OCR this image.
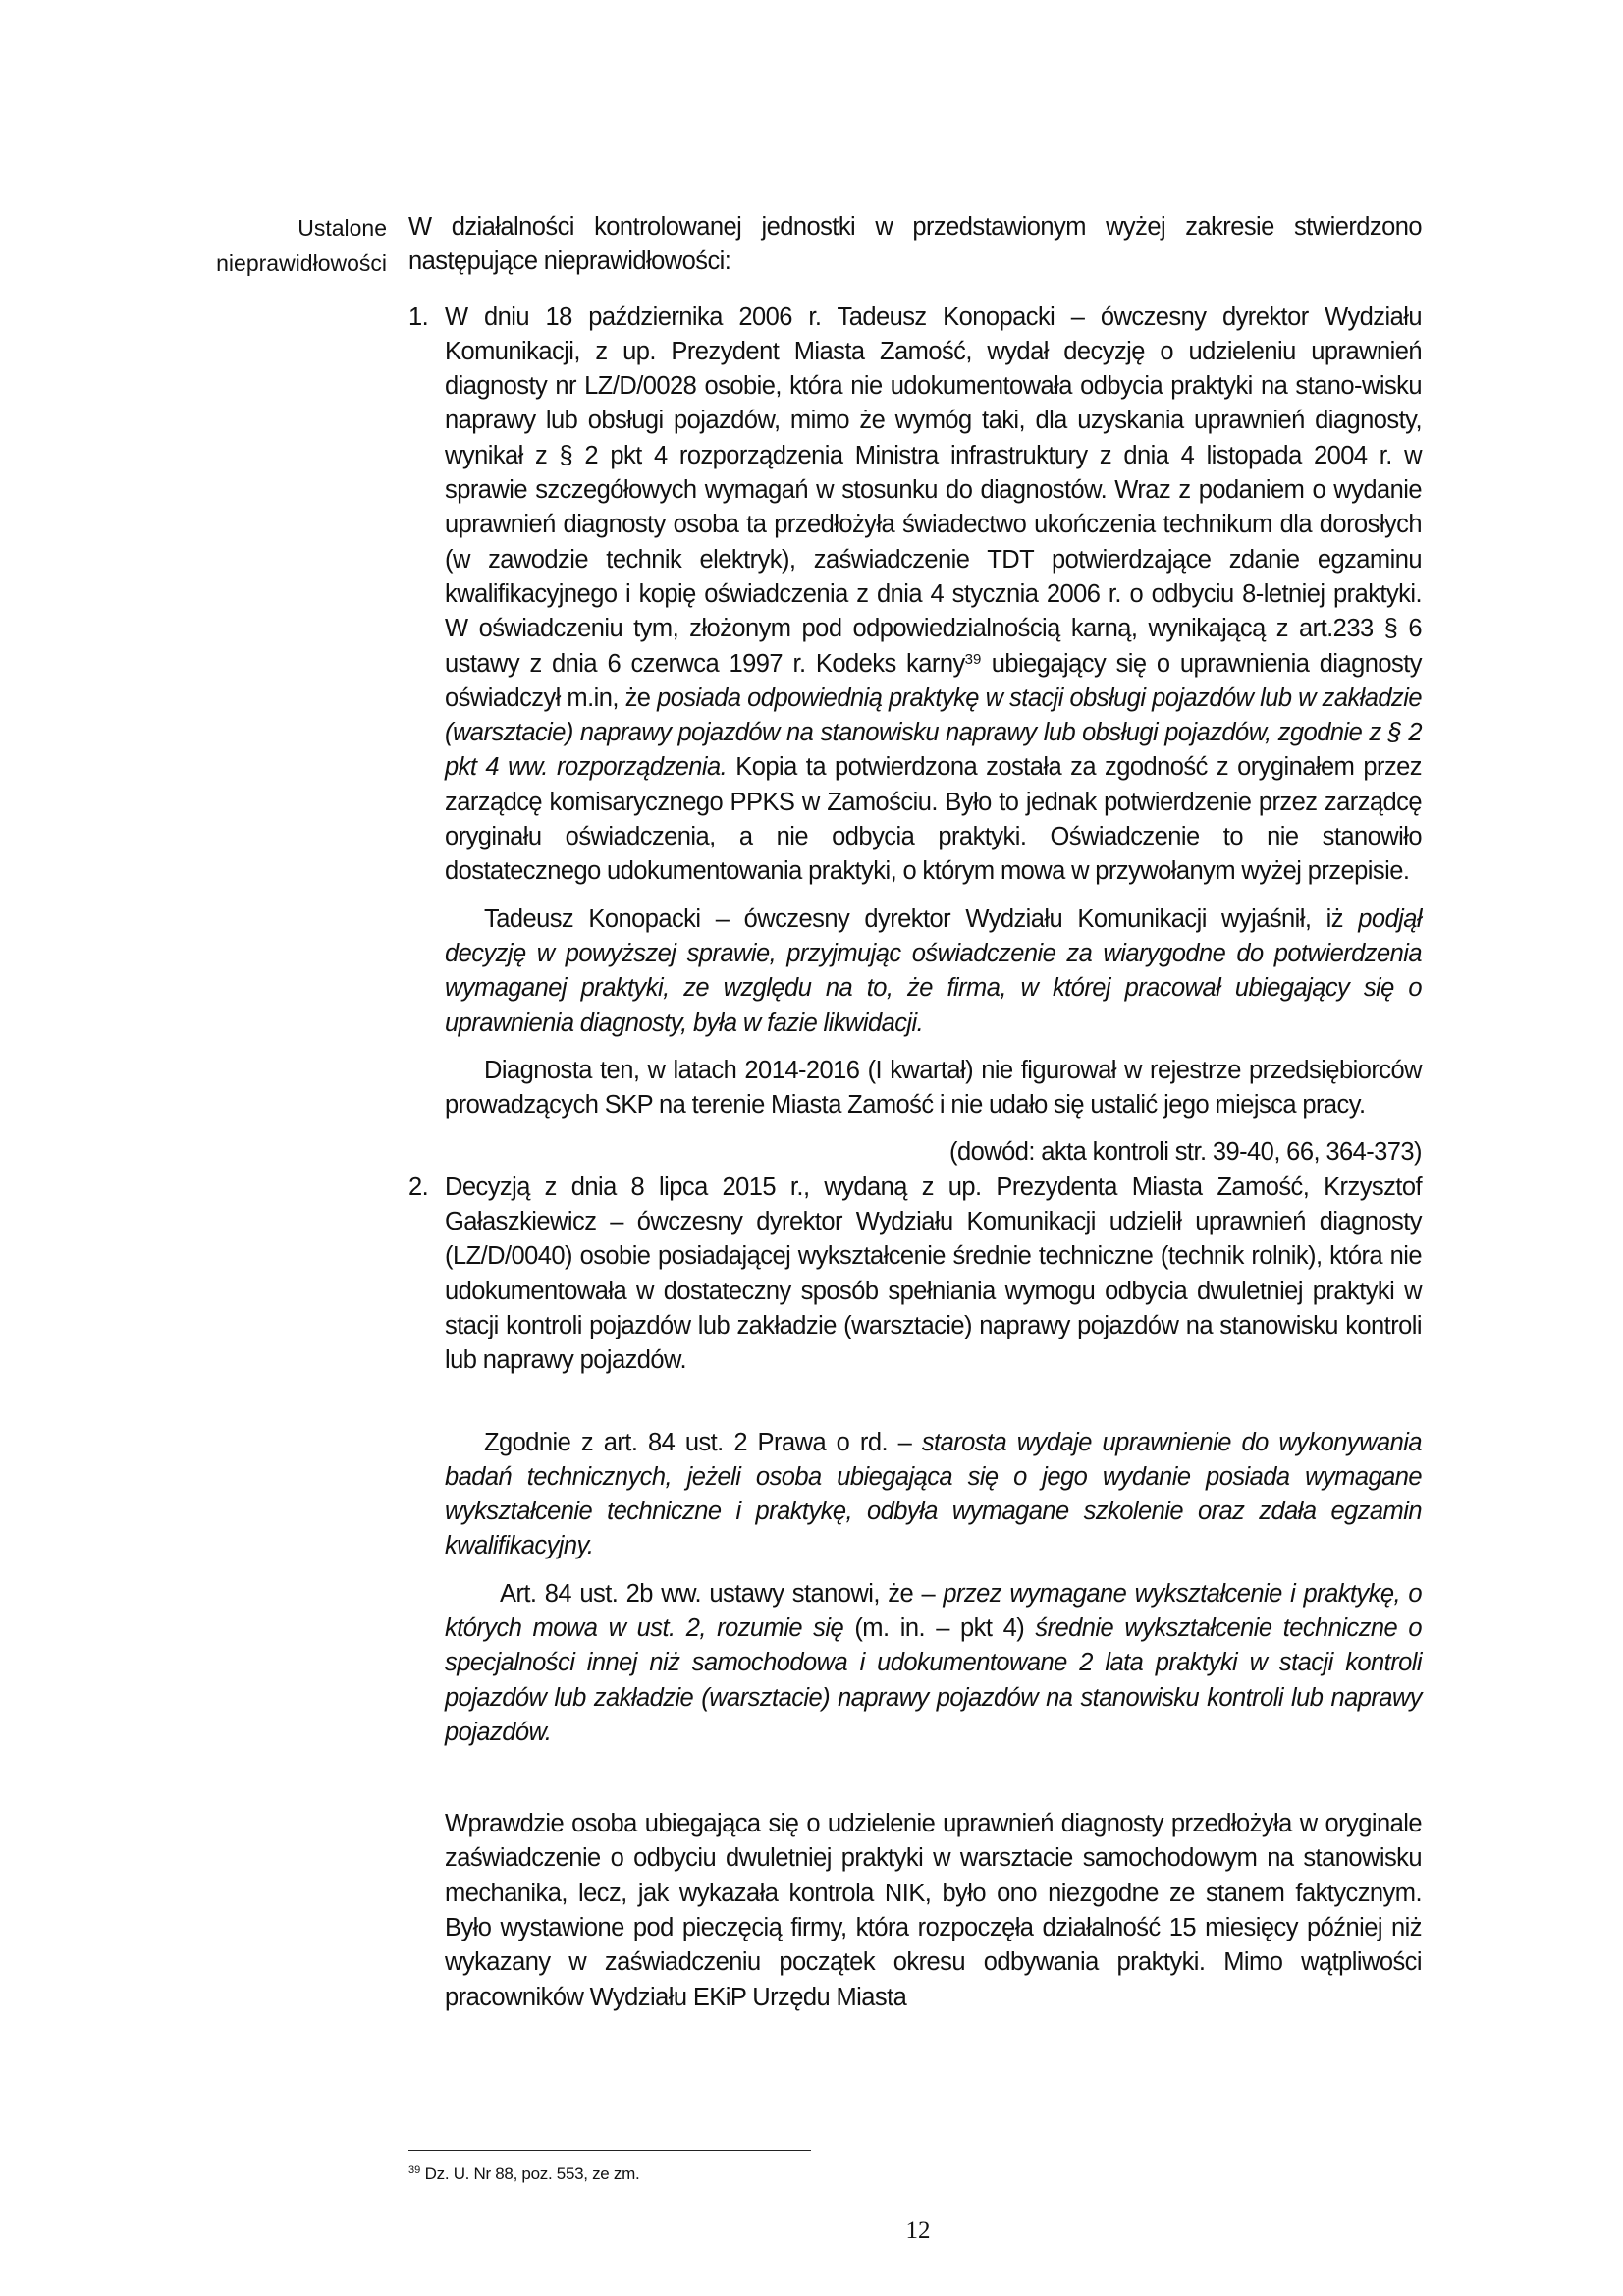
Ustalone
nieprawidłowości

W działalności kontrolowanej jednostki w przedstawionym wyżej zakresie stwierdzono następujące nieprawidłowości:

1. W dniu 18 października 2006 r. Tadeusz Konopacki – ówczesny dyrektor Wydziału Komunikacji, z up. Prezydent Miasta Zamość, wydał decyzję o udzieleniu uprawnień diagnosty nr LZ/D/0028 osobie, która nie udokumentowała odbycia praktyki na stano-wisku naprawy lub obsługi pojazdów, mimo że wymóg taki, dla uzyskania uprawnień diagnosty, wynikał z § 2 pkt 4 rozporządzenia Ministra infrastruktury z dnia 4 listopada 2004 r. w sprawie szczegółowych wymagań w stosunku do diagnostów. Wraz z podaniem o wydanie uprawnień diagnosty osoba ta przedłożyła świadectwo ukończenia technikum dla dorosłych (w zawodzie technik elektryk), zaświadczenie TDT potwierdzające zdanie egzaminu kwalifikacyjnego i kopię oświadczenia z dnia 4 stycznia 2006 r. o odbyciu 8-letniej praktyki. W oświadczeniu tym, złożonym pod odpowiedzialnością karną, wynikającą z art.233 § 6 ustawy z dnia 6 czerwca 1997 r. Kodeks karny$^{39}$ ubiegający się o uprawnienia diagnosty oświadczył m.in, że posiada odpowiednią praktykę w stacji obsługi pojazdów lub w zakładzie (warsztacie) naprawy pojazdów na stanowisku naprawy lub obsługi pojazdów, zgodnie z § 2 pkt 4 ww. rozporządzenia. Kopia ta potwierdzona została za zgodność z oryginałem przez zarządcę komisarycznego PPKS w Zamościu. Było to jednak potwierdzenie przez zarządcę oryginału oświadczenia, a nie odbycia praktyki. Oświadczenie to nie stanowiło dostatecznego udokumentowania praktyki, o którym mowa w przywołanym wyżej przepisie.

Tadeusz Konopacki – ówczesny dyrektor Wydziału Komunikacji wyjaśnił, iż podjął decyzję w powyższej sprawie, przyjmując oświadczenie za wiarygodne do potwierdzenia wymaganej praktyki, ze względu na to, że firma, w której pracował ubiegający się o uprawnienia diagnosty, była w fazie likwidacji.

Diagnosta ten, w latach 2014-2016 (I kwartał) nie figurował w rejestrze przedsiębiorców prowadzących SKP na terenie Miasta Zamość i nie udało się ustalić jego miejsca pracy.

(dowód: akta kontroli str. 39-40, 66, 364-373)

2. Decyzją z dnia 8 lipca 2015 r., wydaną z up. Prezydenta Miasta Zamość, Krzysztof Gałaszkiewicz – ówczesny dyrektor Wydziału Komunikacji udzielił uprawnień diagnosty (LZ/D/0040) osobie posiadającej wykształcenie średnie techniczne (technik rolnik), która nie udokumentowała w dostateczny sposób spełniania wymogu odbycia dwuletniej praktyki w stacji kontroli pojazdów lub zakładzie (warsztacie) naprawy pojazdów na stanowisku kontroli lub naprawy pojazdów.

Zgodnie z art. 84 ust. 2 Prawa o rd. – starosta wydaje uprawnienie do wykonywania badań technicznych, jeżeli osoba ubiegająca się o jego wydanie posiada wymagane wykształcenie techniczne i praktykę, odbyła wymagane szkolenie oraz zdała egzamin kwalifikacyjny.

Art. 84 ust. 2b ww. ustawy stanowi, że – przez wymagane wykształcenie i praktykę, o których mowa w ust. 2, rozumie się (m. in. – pkt 4) średnie wykształcenie techniczne o specjalności innej niż samochodowa i udokumentowane 2 lata praktyki w stacji kontroli pojazdów lub zakładzie (warsztacie) naprawy pojazdów na stanowisku kontroli lub naprawy pojazdów.

Wprawdzie osoba ubiegająca się o udzielenie uprawnień diagnosty przedłożyła w oryginale zaświadczenie o odbyciu dwuletniej praktyki w warsztacie samochodowym na stanowisku mechanika, lecz, jak wykazała kontrola NIK, było ono niezgodne ze stanem faktycznym. Było wystawione pod pieczęcią firmy, która rozpoczęła działalność 15 miesięcy później niż wykazany w zaświadczeniu początek okresu odbywania praktyki. Mimo wątpliwości pracowników Wydziału EKiP Urzędu Miasta

$^{39}$ Dz. U. Nr 88, poz. 553, ze zm.
12
